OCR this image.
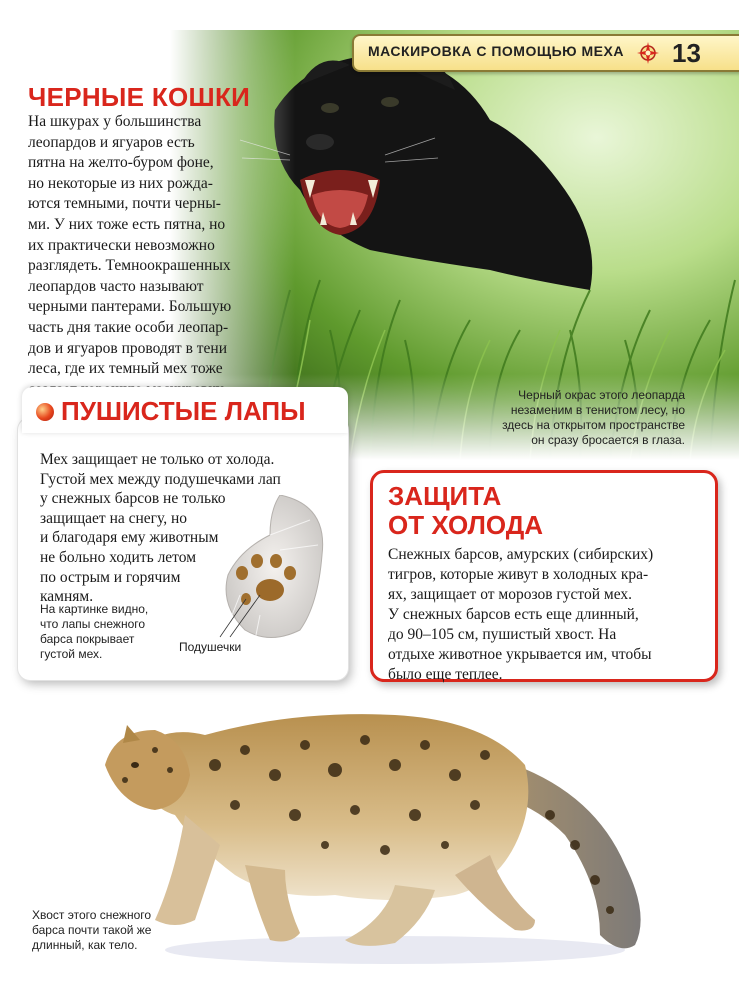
МАСКИРОВКА С ПОМОЩЬЮ МЕХА 13
ЧЕРНЫЕ КОШКИ

На шкурах у большинства

леопардов и ягуаров есть

пятна на желто-буром фоне,

но некоторые из них рожда-

ются темными, почти черны-

ми. У них тоже есть пятна, но

их практически невозможно

разглядеть. Темноокрашенных

леопардов часто называют

черными пантерами. Большую

часть дня такие особи леопар-

дов и ягуаров проводят в тени

леса, где их темный мех тоже

Черный окрас этого леопарда

незаменим в тенистом лесу, но

здесь на открытом пространстве

он сразу бросается в глаза.

ПУШИСТЫЕ ЛАПЫ

Мех защищает не только от холода.

Густой мех между подушечками лап

у снежных барсов не только

защищает на снегу, но

и благодаря ему животным

не больно ходить летом

по острым и горячим

камням.

На картинке видно,

что лапы снежного

барса покрывает

густой мех.	Подушечки
ЗАЩИТА
ОТ ХОЛОДА

Снежных барсов, амурских (сибирских)

тигров, которые живут в холодных кра-

ях, защищает от морозов густой мех.

У снежных барсов есть еще длинный,

до 90–105 см, пушистый хвост. На

отдыхе животное укрывается им, чтобы

было еще теплее.

Хвост этого снежного

барса почти такой же

длинный, как тело.
